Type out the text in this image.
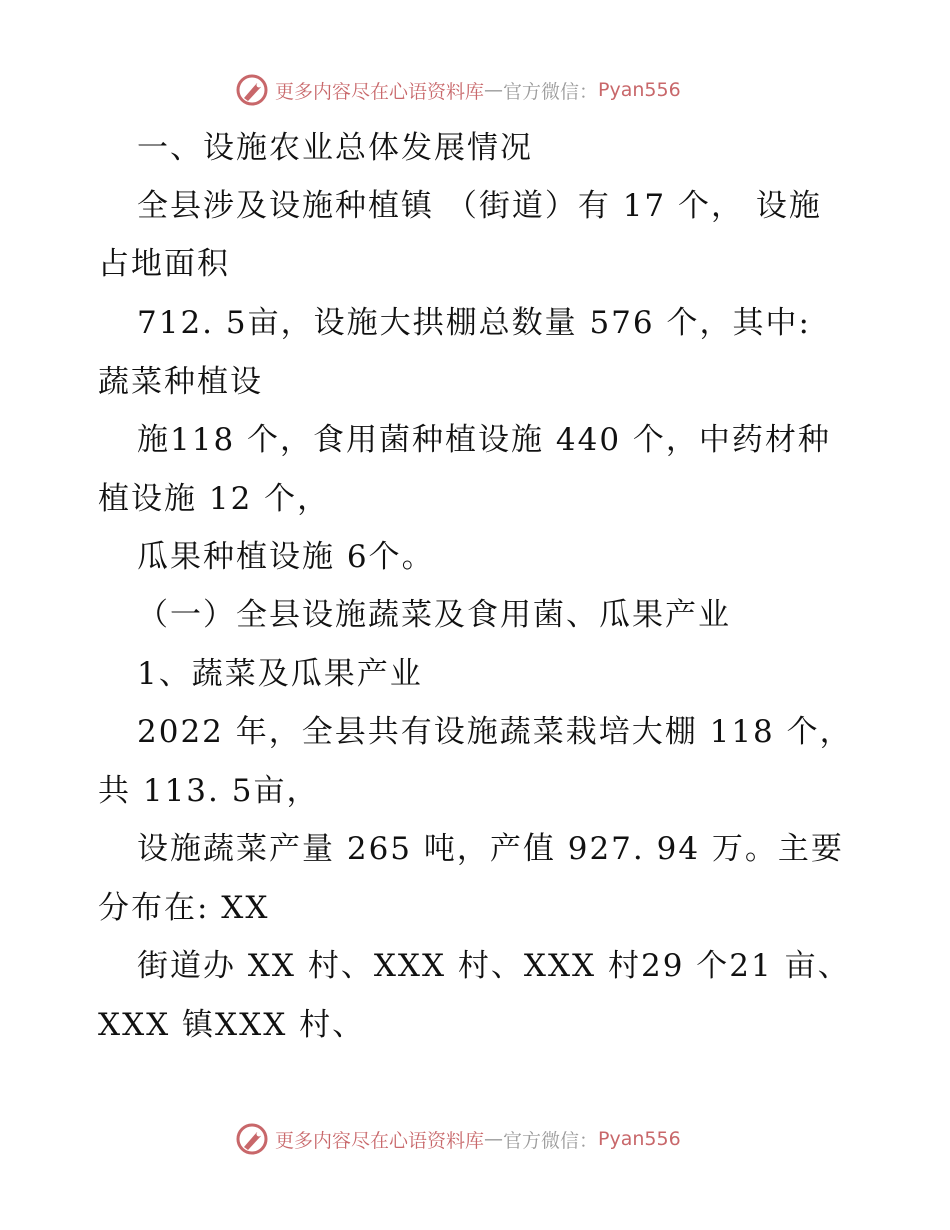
更多内容尽在心语资料库 — 官方微信： Pyan556
一、设施农业总体发展情况
全县涉及设施种植镇 （街道）有 17 个， 设施
占地面积
712. 5亩，设施大拱棚总数量 576 个，其中:
蔬菜种植设
施118 个，食用菌种植设施 440 个，中药材种
植设施 12 个，
瓜果种植设施 6个。
（一）全县设施蔬菜及食用菌、瓜果产业
1、蔬菜及瓜果产业
2022 年，全县共有设施蔬菜栽培大棚 118 个，
共 113. 5亩，
设施蔬菜产量 265 吨，产值 927. 94 万。主要
分布在: XX
街道办 XX 村、XXX 村、XXX 村29 个21 亩、
XXX 镇XXX 村、
更多内容尽在心语资料库 — 官方微信： Pyan556
